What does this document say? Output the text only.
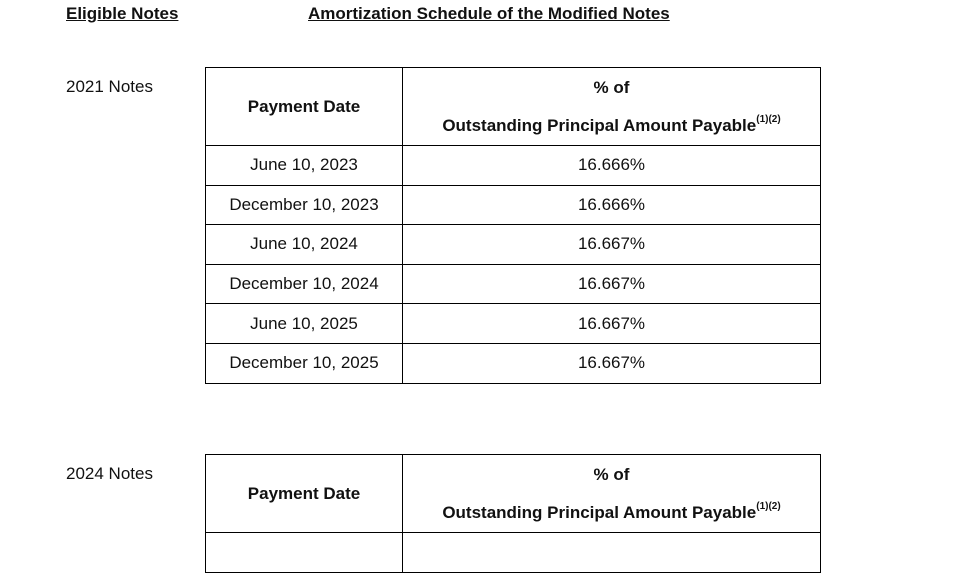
Eligible Notes	Amortization Schedule of the Modified Notes
2021 Notes
Payment Date	% of
Outstanding Principal Amount Payable$^{(1)(2)}$

June 10, 2023	16.666%
December 10, 2023	16.666%
June 10, 2024	16.667%
December 10, 2024	16.667%
June 10, 2025	16.667%
December 10, 2025	16.667%
2024 Notes
Payment Date	% of
Outstanding Principal Amount Payable$^{(1)(2)}$
